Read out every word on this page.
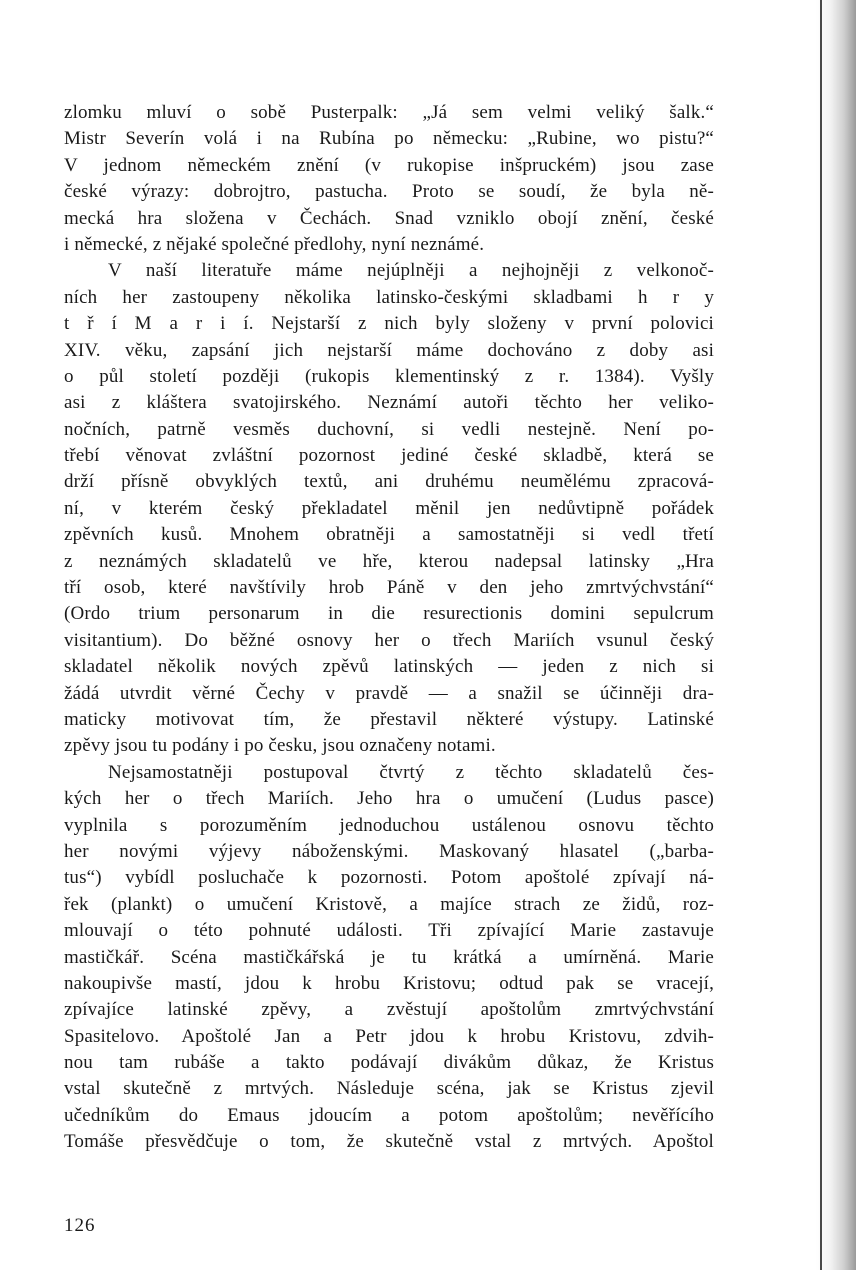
zlomku mluví o sobě Pusterpalk: „Já sem velmi veliký šalk.“
Mistr Severín volá i na Rubína po německu: „Rubine, wo pistu?“
V jednom německém znění (v rukopise inšpruckém) jsou zase
české výrazy: dobrojtro, pastucha. Proto se soudí, že byla ně-
mecká hra složena v Čechách. Snad vzniklo obojí znění, české
i německé, z nějaké společné předlohy, nyní neznámé.
V naší literatuře máme nejúplněji a nejhojněji z velkonoč-
ních her zastoupeny několika latinsko-českými skladbami h r y
t ř í M a r i í. Nejstarší z nich byly složeny v první polovici
XIV. věku, zapsání jich nejstarší máme dochováno z doby asi
o půl století později (rukopis klementinský z r. 1384). Vyšly
asi z kláštera svatojirského. Neznámí autoři těchto her veliko-
nočních, patrně vesměs duchovní, si vedli nestejně. Není po-
třebí věnovat zvláštní pozornost jediné české skladbě, která se
drží přísně obvyklých textů, ani druhému neumělému zpracová-
ní, v kterém český překladatel měnil jen nedůvtipně pořádek
zpěvních kusů. Mnohem obratněji a samostatněji si vedl třetí
z neznámých skladatelů ve hře, kterou nadepsal latinsky „Hra
tří osob, které navštívily hrob Páně v den jeho zmrtvýchvstání“
(Ordo trium personarum in die resurectionis domini sepulcrum
visitantium). Do běžné osnovy her o třech Mariích vsunul český
skladatel několik nových zpěvů latinských — jeden z nich si
žádá utvrdit věrné Čechy v pravdě — a snažil se účinněji dra-
maticky motivovat tím, že přestavil některé výstupy. Latinské
zpěvy jsou tu podány i po česku, jsou označeny notami.
Nejsamostatněji postupoval čtvrtý z těchto skladatelů čes-
kých her o třech Mariích. Jeho hra o umučení (Ludus pasce)
vyplnila s porozuměním jednoduchou ustálenou osnovu těchto
her novými výjevy náboženskými. Maskovaný hlasatel („barba-
tus“) vybídl posluchače k pozornosti. Potom apoštolé zpívají ná-
řek (plankt) o umučení Kristově, a majíce strach ze židů, roz-
mlouvají o této pohnuté události. Tři zpívající Marie zastavuje
mastičkář. Scéna mastičkářská je tu krátká a umírněná. Marie
nakoupivše mastí, jdou k hrobu Kristovu; odtud pak se vracejí,
zpívajíce latinské zpěvy, a zvěstují apoštolům zmrtvýchvstání
Spasitelovo. Apoštolé Jan a Petr jdou k hrobu Kristovu, zdvih-
nou tam rubáše a takto podávají divákům důkaz, že Kristus
vstal skutečně z mrtvých. Následuje scéna, jak se Kristus zjevil
učedníkům do Emaus jdoucím a potom apoštolům; nevěřícího
Tomáše přesvědčuje o tom, že skutečně vstal z mrtvých. Apoštol
126
